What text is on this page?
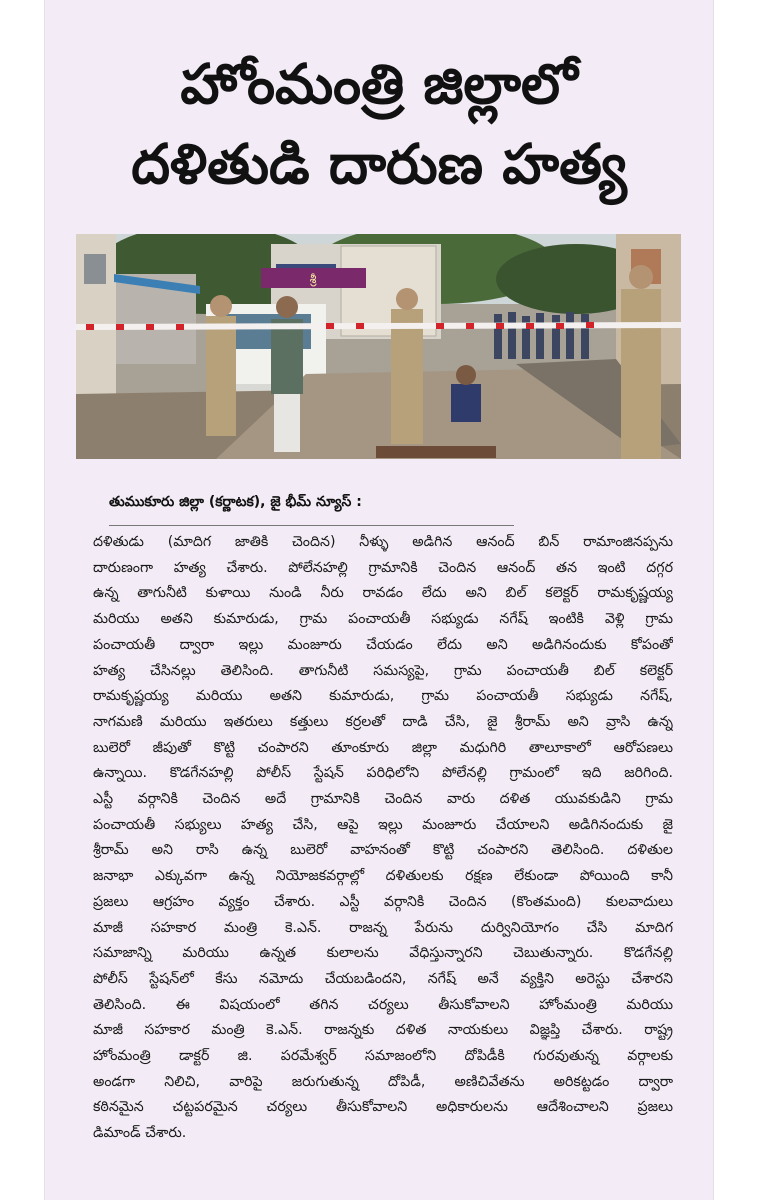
హోంమంత్రి జిల్లాలో
దళితుడి దారుణ హత్య
శ్రీ

తుముకూరు జిల్లా (కర్ణాటక), జై భీమ్ న్యూస్ :

దళితుడు (మాదిగ జాతికి చెందిన) నీళ్ళు అడిగిన ఆనంద్ బిన్ రామాంజినప్పను
దారుణంగా హత్య చేశారు. పోలేనహల్లి గ్రామానికి చెందిన ఆనంద్ తన ఇంటి దగ్గర
ఉన్న తాగునీటి కుళాయి నుండి నీరు రావడం లేదు అని బిల్ కలెక్టర్ రామకృష్ణయ్య
మరియు అతని కుమారుడు, గ్రామ పంచాయతీ సభ్యుడు నగేష్ ఇంటికి వెళ్లి గ్రామ
పంచాయతీ ద్వారా ఇల్లు మంజూరు చేయడం లేదు అని అడిగినందుకు కోపంతో
హత్య చేసినల్లు తెలిసింది. తాగునీటి సమస్యపై, గ్రామ పంచాయతీ బిల్ కలెక్టర్
రామకృష్ణయ్య మరియు అతని కుమారుడు, గ్రామ పంచాయతీ సభ్యుడు నగేష్,
నాగమణి మరియు ఇతరులు కత్తులు కర్రలతో దాడి చేసి, జై శ్రీరామ్ అని వ్రాసి ఉన్న
బులెరో జీపుతో కొట్టి చంపారని తూంకూరు జిల్లా మధుగిరి తాలూకాలో ఆరోపణలు
ఉన్నాయి. కొడగేనహల్లి పోలీస్ స్టేషన్ పరిధిలోని పోలేనల్లి గ్రామంలో ఇది జరిగింది.
ఎస్టీ వర్గానికి చెందిన అదే గ్రామానికి చెందిన వారు దళిత యువకుడిని గ్రామ
పంచాయతీ సభ్యులు హత్య చేసి, ఆపై ఇల్లు మంజూరు చేయాలని అడిగినందుకు జై
శ్రీరామ్ అని రాసి ఉన్న బులెరో వాహనంతో కొట్టి చంపారని తెలిసింది. దళితుల
జనాభా ఎక్కువగా ఉన్న నియోజకవర్గాల్లో దళితులకు రక్షణ లేకుండా పోయింది కానీ
ప్రజలు ఆగ్రహం వ్యక్తం చేశారు. ఎస్టీ వర్గానికి చెందిన (కొంతమంది) కులవాదులు
మాజీ సహకార మంత్రి కె.ఎన్. రాజన్న పేరును దుర్వినియోగం చేసి మాదిగ
సమాజాన్ని మరియు ఉన్నత కులాలను వేధిస్తున్నారని చెబుతున్నారు. కొడగేనల్లి
పోలీస్ స్టేషన్‌లో కేసు నమోదు చేయబడిందని, నగేష్ అనే వ్యక్తిని అరెస్టు చేశారని
తెలిసింది. ఈ విషయంలో తగిన చర్యలు తీసుకోవాలని హోంమంత్రి మరియు
మాజీ సహకార మంత్రి కె.ఎన్. రాజన్నకు దళిత నాయకులు విజ్ఞప్తి చేశారు. రాష్ట్ర
హోంమంత్రి డాక్టర్ జి. పరమేశ్వర్ సమాజంలోని దోపిడీకి గురవుతున్న వర్గాలకు
అండగా నిలిచి, వారిపై జరుగుతున్న దోపిడీ, అణిచివేతను అరికట్టడం ద్వారా
కఠినమైన చట్టపరమైన చర్యలు తీసుకోవాలని అధికారులను ఆదేశించాలని ప్రజలు
డిమాండ్ చేశారు.
